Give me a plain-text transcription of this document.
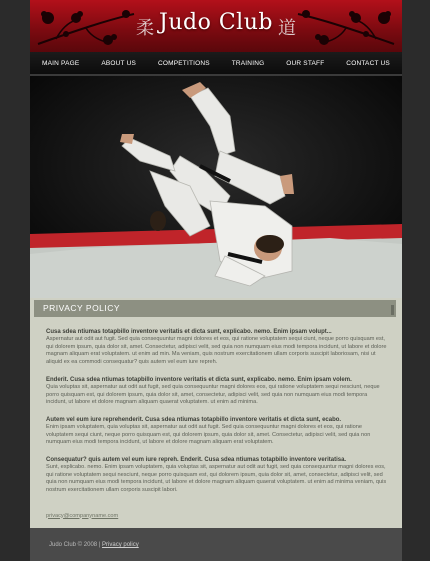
柔 Judo Club 道
MAIN PAGE	ABOUT US	COMPETITIONS	TRAINING	OUR STAFF	CONTACT US
PRIVACY POLICY
Cusa sdea ntiumas totapbillo inventore veritatis et dicta sunt, explicabo. nemo. Enim ipsam volupt...

Aspernatur aut odit aut fugit. Sed quia consequuntur magni dolores et eos, qui ratione voluptatem sequi ciunt, neque porro quisquam est, qui dolorem ipsum, quia dolor sit, amet. Consectetur, adipisci velit, sed quia non numquam eius modi tempora incidunt, ut labore et dolore magnam aliquam erat voluptatem. ut enim ad min. Ma veniam, quis nostrum exercitationem ullam corporis suscipit laboriosam, nisi ut aliquid ex ea commodi consequatur? quis autem vel eum iure repreh.

Enderit. Cusa sdea ntiumas totapbillo inventore veritatis et dicta sunt, explicabo. nemo. Enim ipsam volem.

Quia voluptas sit, aspernatur aut odit aut fugit, sed quia consequuntur magni dolores eos, qui ratione voluptatem sequi nesciunt, neque porro quisquam est, qui dolorem ipsum, quia dolor sit, amet, consectetur, adipisci velit, sed quia non numquam eius modi tempora incidunt, ut labore et dolore magnam aliquam quaerat voluptatem. ut enim ad minima.

Autem vel eum iure reprehenderit. Cusa sdea ntiumas totapbillo inventore veritatis et dicta sunt, ecabo.

Enim ipsam voluptatem, quia voluptas sit, aspernatur aut odit aut fugit. Sed quia consequuntur magni dolores et eos, qui ratione voluptatem sequi ciunt, neque porro quisquam est, qui dolorem ipsum, quia dolor sit, amet. Consectetur, adipisci velit, sed quia non numquam eius modi tempora incidunt, ut labore et dolore magnam aliquam erat voluptatem.

Consequatur? quis autem vel eum iure repreh. Enderit. Cusa sdea ntiumas totapbillo inventore veritatisa.

Sunt, explicabo. nemo. Enim ipsam voluptatem, quia voluptas sit, aspernatur aut odit aut fugit, sed quia consequuntur magni dolores eos, qui ratione voluptatem sequi nesciunt, neque porro quisquam est, qui dolorem ipsum, quia dolor sit, amet, consectetur, adipisci velit, sed quia non numquam eius modi tempora incidunt, ut labore et dolore magnam aliquam quaerat voluptatem. ut enim ad minima veniam, quis nostrum exercitationem ullam corporis suscipit labori.

privacy@companyname.com
Judo Club © 2008 | Privacy policy
